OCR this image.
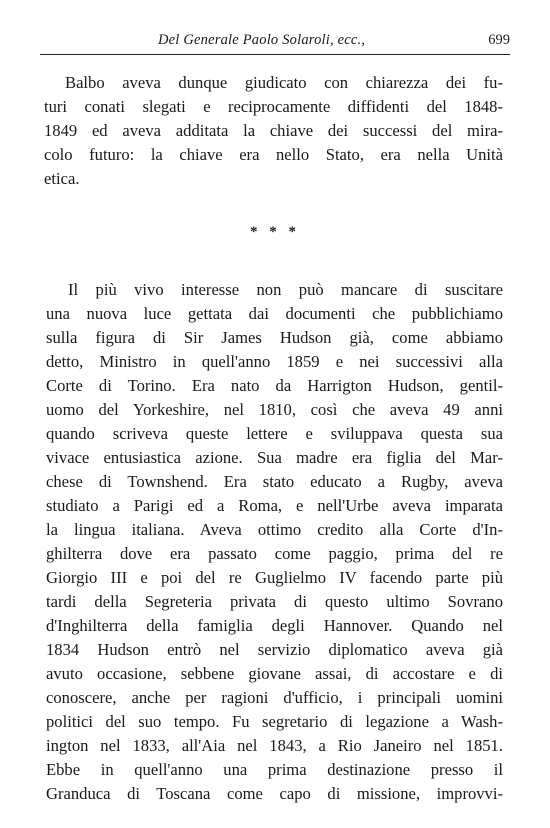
Del Generale Paolo Solaroli, ecc.,	699
Balbo aveva dunque giudicato con chiarezza dei fu-
turi conati slegati e reciprocamente diffidenti del 1848-
1849 ed aveva additata la chiave dei successi del mira-
colo futuro: la chiave era nello Stato, era nella Unità
etica.
* * *
Il più vivo interesse non può mancare di suscitare
una nuova luce gettata dai documenti che pubblichiamo
sulla figura di Sir James Hudson già, come abbiamo
detto, Ministro in quell'anno 1859 e nei successivi alla
Corte di Torino. Era nato da Harrigton Hudson, gentil-
uomo del Yorkeshire, nel 1810, così che aveva 49 anni
quando scriveva queste lettere e sviluppava questa sua
vivace entusiastica azione. Sua madre era figlia del Mar-
chese di Townshend. Era stato educato a Rugby, aveva
studiato a Parigi ed a Roma, e nell'Urbe aveva imparata
la lingua italiana. Aveva ottimo credito alla Corte d'In-
ghilterra dove era passato come paggio, prima del re
Giorgio III e poi del re Guglielmo IV facendo parte più
tardi della Segreteria privata di questo ultimo Sovrano
d'Inghilterra della famiglia degli Hannover. Quando nel
1834 Hudson entrò nel servizio diplomatico aveva già
avuto occasione, sebbene giovane assai, di accostare e di
conoscere, anche per ragioni d'ufficio, i principali uomini
politici del suo tempo. Fu segretario di legazione a Wash-
ington nel 1833, all'Aia nel 1843, a Rio Janeiro nel 1851.
Ebbe in quell'anno una prima destinazione presso il
Granduca di Toscana come capo di missione, improvvi-
